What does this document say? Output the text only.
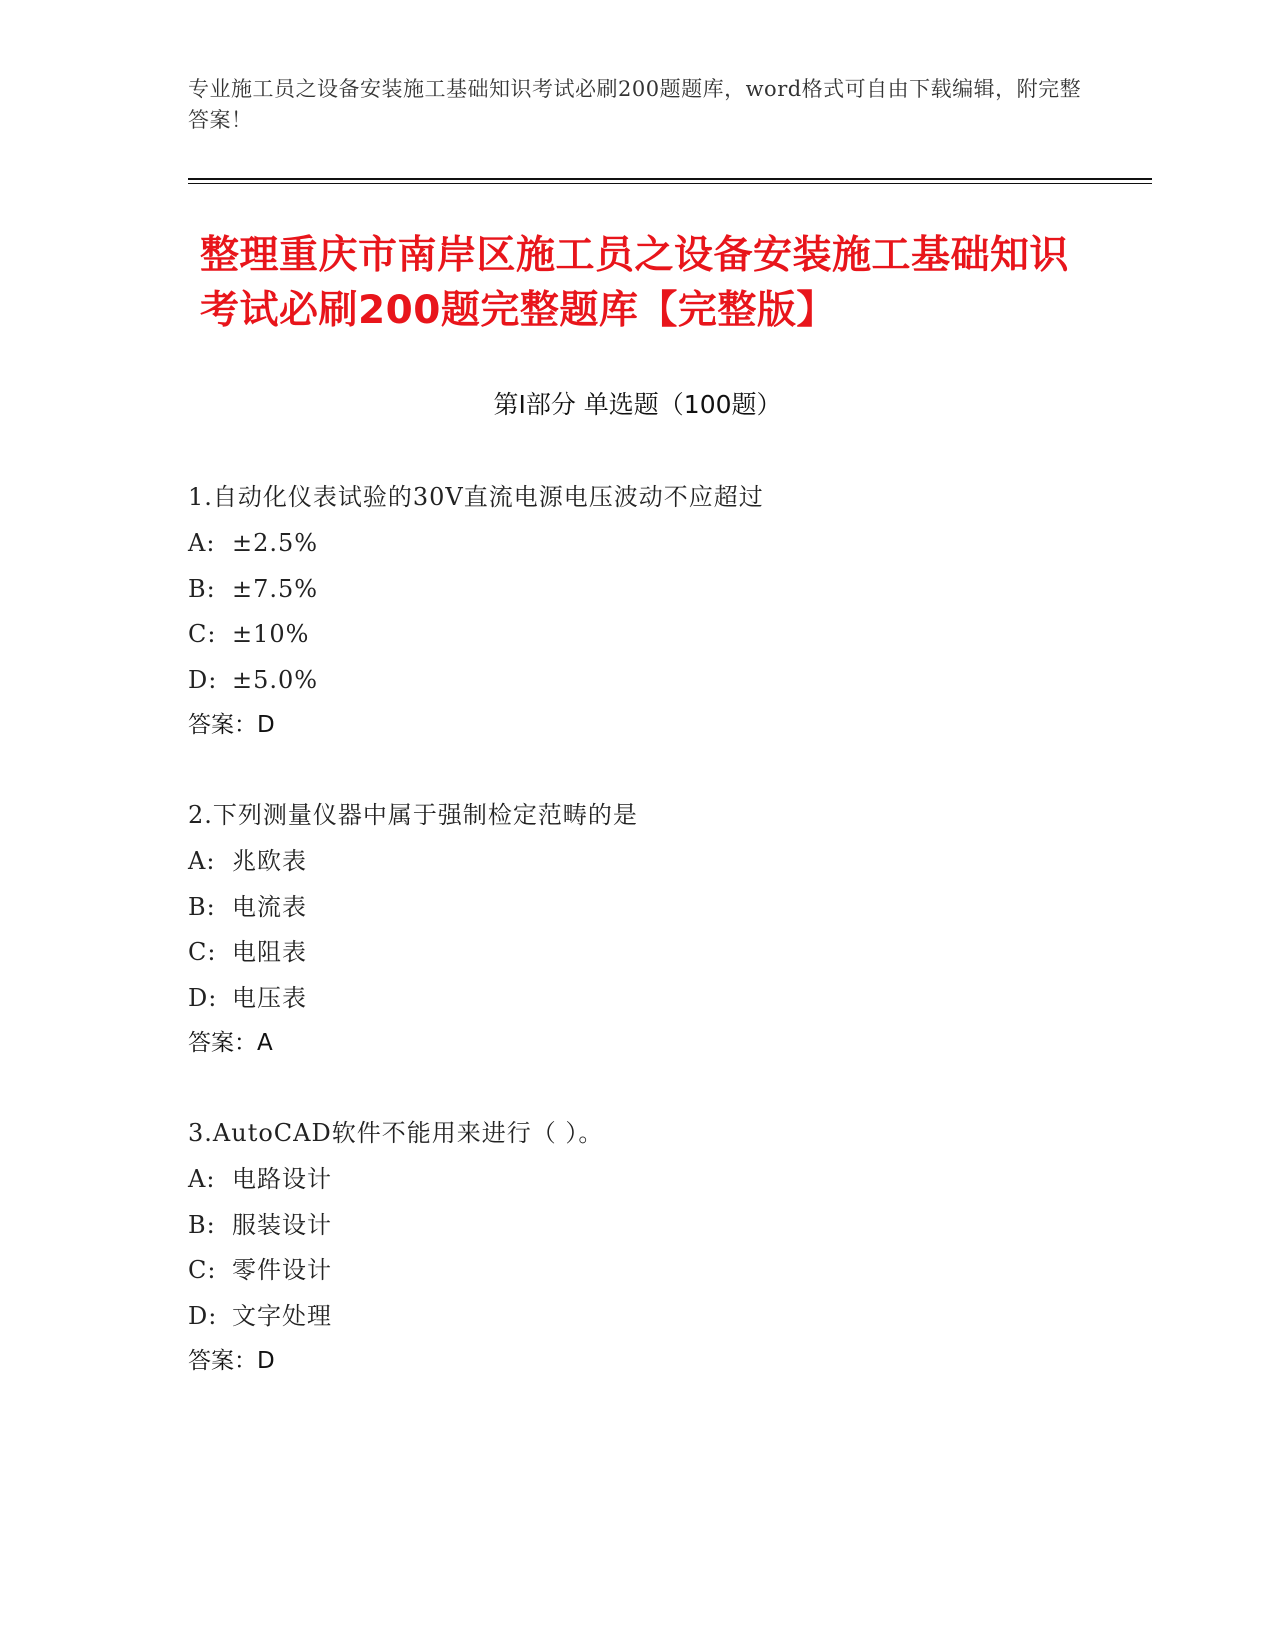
专业施工员之设备安装施工基础知识考试必刷200题题库，word格式可自由下载编辑，附完整答案！
整理重庆市南岸区施工员之设备安装施工基础知识考试必刷200题完整题库【完整版】
第Ⅰ部分 单选题（100题）
1.自动化仪表试验的30V直流电源电压波动不应超过
A: ±2.5%
B: ±7.5%
C: ±10%
D: ±5.0%
答案：D
2.下列测量仪器中属于强制检定范畴的是
A: 兆欧表
B: 电流表
C: 电阻表
D: 电压表
答案：A
3.AutoCAD软件不能用来进行（ ）。
A: 电路设计
B: 服装设计
C: 零件设计
D: 文字处理
答案：D
